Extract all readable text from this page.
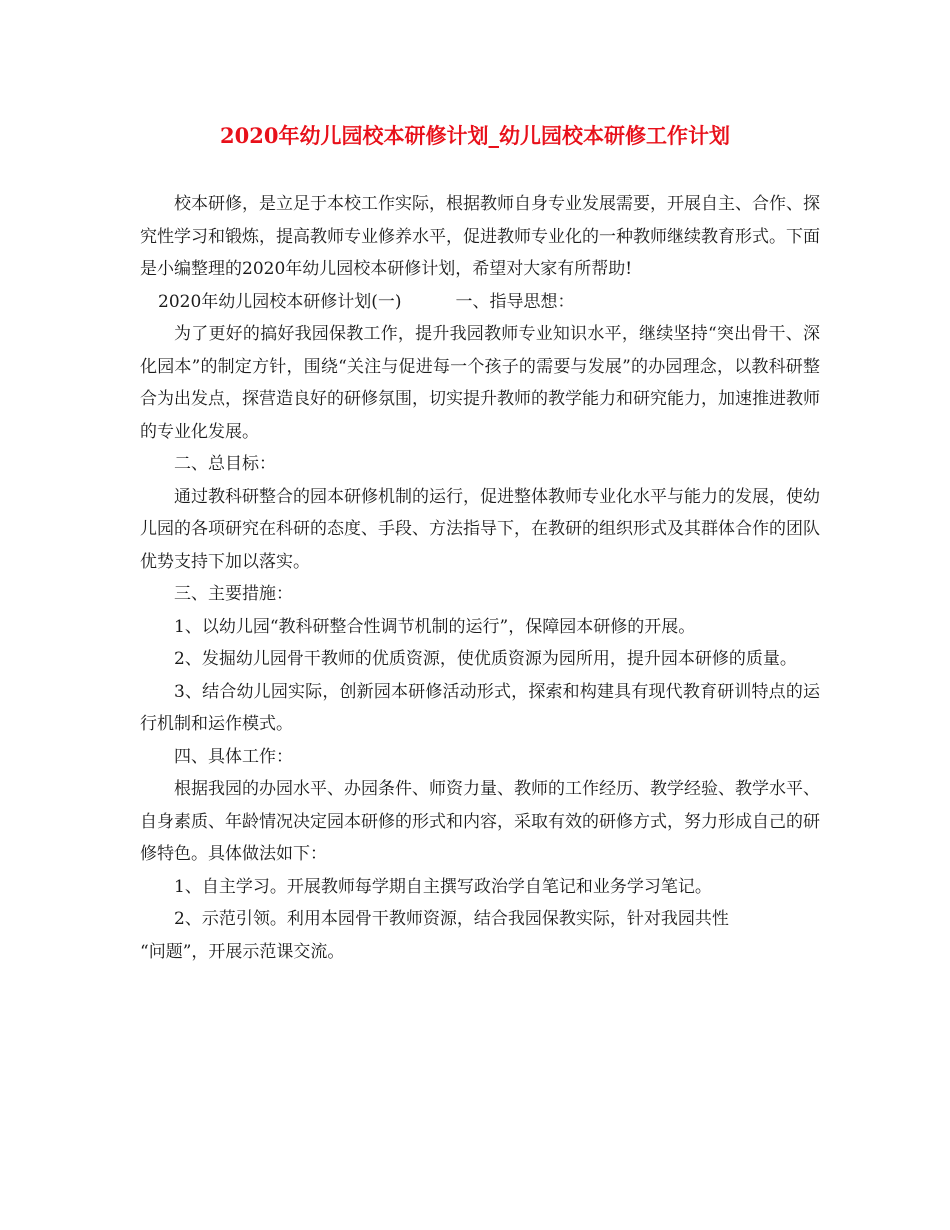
2020年幼儿园校本研修计划_幼儿园校本研修工作计划

校本研修，是立足于本校工作实际，根据教师自身专业发展需要，开展自主、合作、探究性学习和锻炼，提高教师专业修养水平，促进教师专业化的一种教师继续教育形式。下面是小编整理的2020年幼儿园校本研修计划，希望对大家有所帮助!

2020年幼儿园校本研修计划(一)	一、指导思想：

为了更好的搞好我园保教工作，提升我园教师专业知识水平，继续坚持“突出骨干、深化园本”的制定方针，围绕“关注与促进每一个孩子的需要与发展”的办园理念，以教科研整合为出发点，探营造良好的研修氛围，切实提升教师的教学能力和研究能力，加速推进教师的专业化发展。

二、总目标：

通过教科研整合的园本研修机制的运行，促进整体教师专业化水平与能力的发展，使幼儿园的各项研究在科研的态度、手段、方法指导下，在教研的组织形式及其群体合作的团队优势支持下加以落实。

三、主要措施：

1、以幼儿园“教科研整合性调节机制的运行”，保障园本研修的开展。

2、发掘幼儿园骨干教师的优质资源，使优质资源为园所用，提升园本研修的质量。

3、结合幼儿园实际，创新园本研修活动形式，探索和构建具有现代教育研训特点的运行机制和运作模式。

四、具体工作：

根据我园的办园水平、办园条件、师资力量、教师的工作经历、教学经验、教学水平、自身素质、年龄情况决定园本研修的形式和内容，采取有效的研修方式，努力形成自己的研修特色。具体做法如下：

1、自主学习。开展教师每学期自主撰写政治学自笔记和业务学习笔记。

2、示范引领。利用本园骨干教师资源，结合我园保教实际，针对我园共性

“问题”，开展示范课交流。
